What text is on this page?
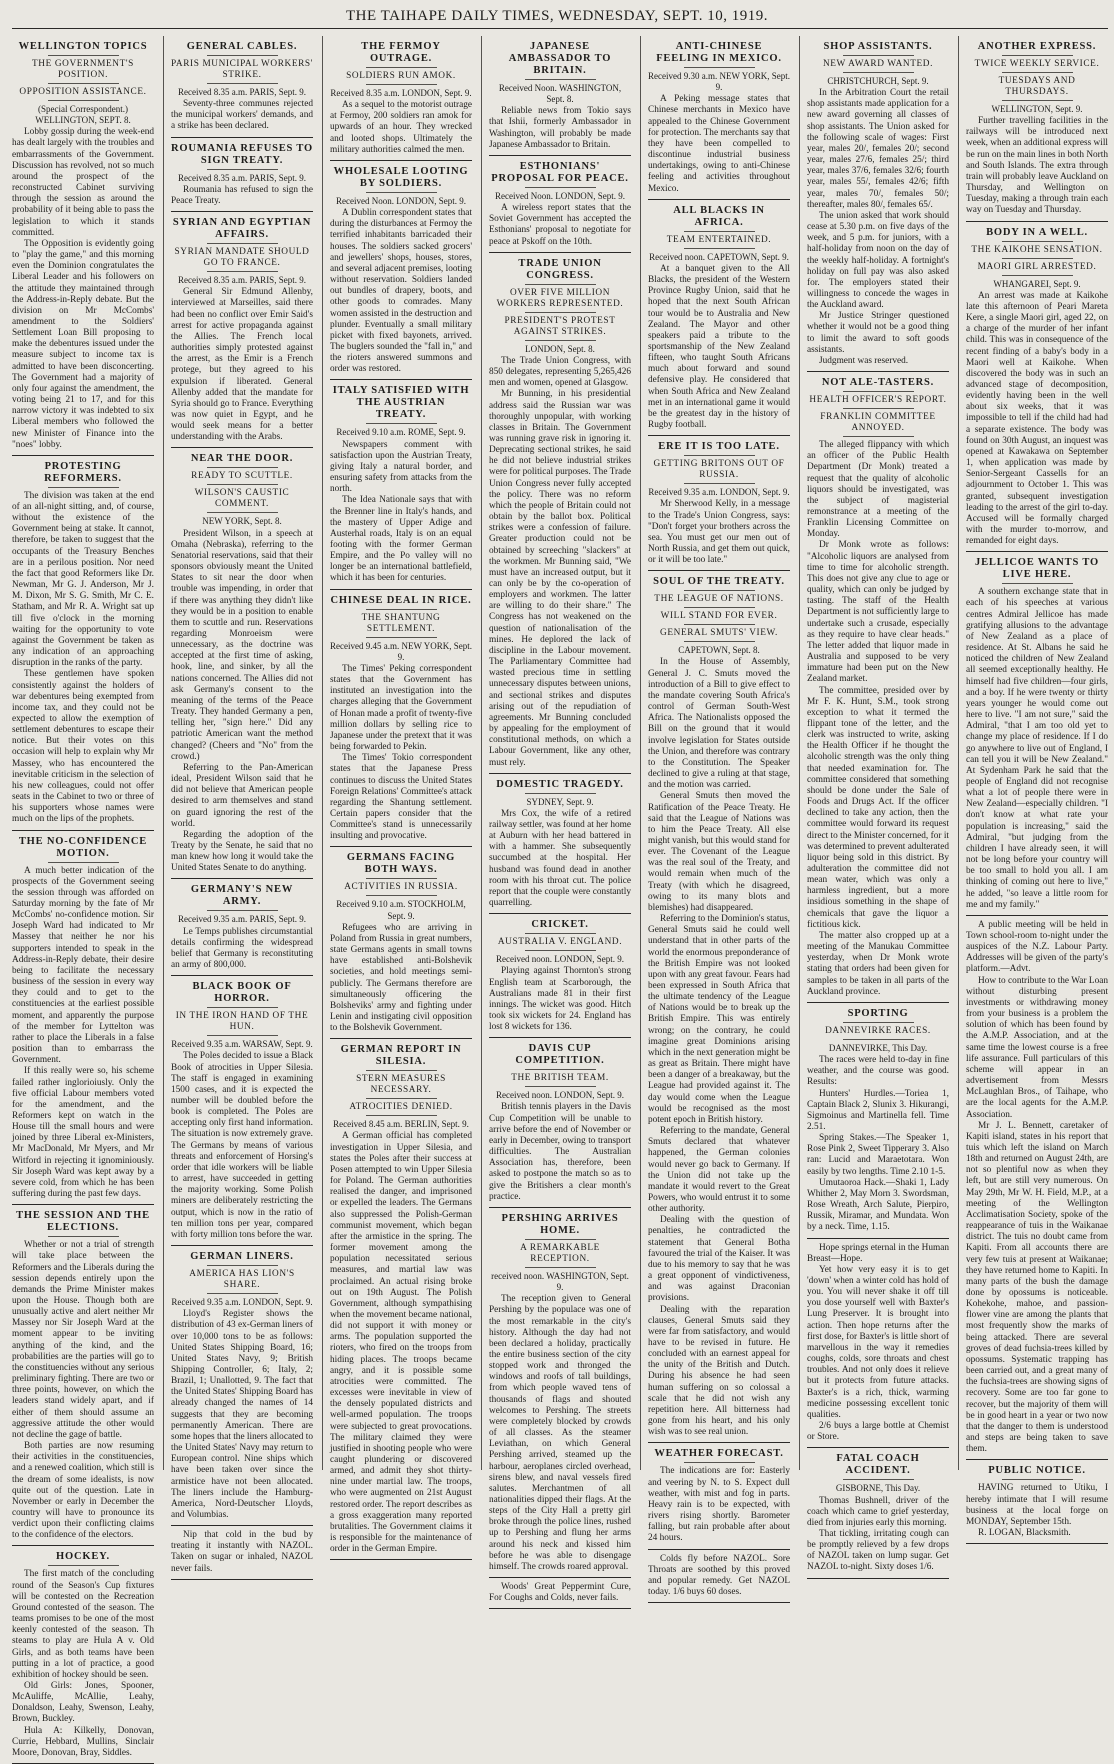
THE TAIHAPE DAILY TIMES, WEDNESDAY, SEPT. 10, 1919.
WELLINGTON TOPICS
THE GOVERNMENT'S POSITION.
OPPOSITION ASSISTANCE.
(Special Correspondent.) WELLINGTON, SEPT. 8.

Lobby gossip during the week-end has dealt largely with the troubles and embarrassments of the Government. Discussion has revolved, not so much around the prospect of the reconstructed Cabinet surviving through the session as around the probability of it being able to pass the legislation to which it stands committed.

The Opposition is evidently going to "play the game," and this morning even the Dominion congratulates the Liberal Leader and his followers on the attitude they maintained through the Address-in-Reply debate. But the division on Mr McCombs' amendment to the Soldiers' Settlement Loan Bill proposing to make the debentures issued under the measure subject to income tax is admitted to have been disconcerting. The Government had a majority of only four against the amendment, the voting being 21 to 17, and for this narrow victory it was indebted to six Liberal members who followed the new Minister of Finance into the "noes" lobby.

PROTESTING REFORMERS.

The division was taken at the end of an all-night sitting, and, of course, without the existence of the Government being at stake. It cannot, therefore, be taken to suggest that the occupants of the Treasury Benches are in a perilous position. Nor need the fact that good Reformers like Dr. Newman, Mr G. J. Anderson, Mr J. M. Dixon, Mr S. G. Smith, Mr C. E. Statham, and Mr R. A. Wright sat up till five o'clock in the morning waiting for the opportunity to vote against the Government be taken as any indication of an approaching disruption in the ranks of the party.

These gentlemen have spoken consistently against the holders of war debentures being exempted from income tax, and they could not be expected to allow the exemption of settlement debentures to escape their notice. But their votes on this occasion will help to explain why Mr Massey, who has encountered the inevitable criticism in the selection of his new colleagues, could not offer seats in the Cabinet to two or three of his supporters whose names were much on the lips of the prophets.

THE NO-CONFIDENCE MOTION.

A much better indication of the prospects of the Government seeing the session through was afforded on Saturday morning by the fate of Mr McCombs' no-confidence motion. Sir Joseph Ward had indicated to Mr Massey that neither he nor his supporters intended to speak in the Address-in-Reply debate, their desire being to facilitate the necessary business of the session in every way they could and to get to the constituencies at the earliest possible moment, and apparently the purpose of the member for Lyttelton was rather to place the Liberals in a false position than to embarrass the Government.

If this really were so, his scheme failed rather inglorioiusly. Only the five official Labour members voted for the amendment, and the Reformers kept on watch in the House till the small hours and were joined by three Liberal ex-Ministers, Mr MacDonald, Mr Myers, and Mr Witford in rejecting it ignominiously. Sir Joseph Ward was kept away by a severe cold, from which he has been suffering during the past few days.

THE SESSION AND THE ELECTIONS.

Whether or not a trial of strength will take place between the Reformers and the Liberals during the session depends entirely upon the demands the Prime Minister makes upon the House. Though both are unusually active and alert neither Mr Massey nor Sir Joseph Ward at the moment appear to be inviting anything of the kind, and the probabilities are the parties will go to the constituencies without any serious preliminary fighting. There are two or three points, however, on which the leaders stand widely apart, and if either of them should assume an aggressive attitude the other would not decline the gage of battle.

Both parties are now resuming their activities in the constituencies, and a renewed coalition, which still is the dream of some idealists, is now quite out of the question. Late in November or early in December the country will have to pronounce its verdict upon their conflicting claims to the confidence of the electors.

HOCKEY.

The first match of the concluding round of the Season's Cup fixtures will be contested on the Recreation Ground contested of the season. The teams promises to be one of the most keenly contested of the season. Th steams to play are Hula A v. Old Girls, and as both teams have been putting in a lot of practice, a good exhibition of hockey should be seen.

Old Girls: Jones, Spooner, McAuliffe, McAllie, Leahy, Donaldson, Leahy, Swenson, Leahy, Brown, Buckley.

Hula A: Kilkelly, Donovan, Currie, Hebbard, Mullins, Sinclair Moore, Donovan, Bray, Siddles.

GENERAL CABLES.
PARIS MUNICIPAL WORKERS' STRIKE.
Received 8.35 a.m. PARIS, Sept. 9.

Seventy-three communes rejected the municipal workers' demands, and a strike has been declared.

ROUMANIA REFUSES TO SIGN TREATY.
Received 8.35 a.m. PARIS, Sept. 9.

Roumania has refused to sign the Peace Treaty.

SYRIAN AND EGYPTIAN AFFAIRS.
SYRIAN MANDATE SHOULD GO TO FRANCE.
Received 8.35 a.m. PARIS, Sept. 9.

General Sir Edmund Allenby, interviewed at Marseilles, said there had been no conflict over Emir Said's arrest for active propaganda against the Allies. The French local authorities simply protested against the arrest, as the Emir is a French protege, but they agreed to his expulsion if liberated. General Allenby added that the mandate for Syria should go to France. Everything was now quiet in Egypt, and he would seek means for a better understanding with the Arabs.

NEAR THE DOOR.
READY TO SCUTTLE.
WILSON'S CAUSTIC COMMENT.
NEW YORK, Sept. 8.

President Wilson, in a speech at Omaha (Nebraska), referring to the Senatorial reservations, said that their sponsors obviously meant the United States to sit near the door when trouble was impending, in order that if there was anything they didn't like they would be in a position to enable them to scuttle and run. Reservations regarding Monroeism were unnecessary, as the doctrine was accepted at the first time of asking, hook, line, and sinker, by all the nations concerned. The Allies did not ask Germany's consent to the meaning of the terms of the Peace Treaty. They handed Germany a pen, telling her, "sign here." Did any patriotic American want the method changed? (Cheers and "No" from the crowd.)

Referring to the Pan-American ideal, President Wilson said that he did not believe that American people desired to arm themselves and stand on guard ignoring the rest of the world.

Regarding the adoption of the Treaty by the Senate, he said that no man knew how long it would take the United States Senate to do anything.

GERMANY'S NEW ARMY.
Received 9.35 a.m. PARIS, Sept. 9.

Le Temps publishes circumstantial details confirming the widespread belief that Germany is reconstituting an army of 800,000.

BLACK BOOK OF HORROR.
IN THE IRON HAND OF THE HUN.
Received 9.35 a.m. WARSAW, Sept. 9.

The Poles decided to issue a Black Book of atrocities in Upper Silesia. The staff is engaged in examining 1500 cases, and it is expected the number will be doubled before the book is completed. The Poles are accepting only first hand information. The situation is now extremely grave. The Germans by means of various threats and enforcement of Horsing's order that idle workers will be liable to arrest, have succeeded in getting the majority working. Some Polish miners are deliberately restricting the output, which is now in the ratio of ten million tons per year, compared with forty million tons before the war.

GERMAN LINERS.
AMERICA HAS LION'S SHARE.
Received 9.35 a.m. LONDON, Sept. 9.

Lloyd's Register shows the distribution of 43 ex-German liners of over 10,000 tons to be as follows: United States Shipping Board, 16; United States Navy, 9; British Shipping Controller, 6; Italy, 2; Brazil, 1; Unallotted, 9. The fact that the United States' Shipping Board has already changed the names of 14 suggests that they are becoming permanently American. There are some hopes that the liners allocated to the United States' Navy may return to European control. Nine ships which have been taken over since the armistice have not been allocated. The liners include the Hamburg-America, Nord-Deutscher Lloyds, and Volumbias.

Nip that cold in the bud by treating it instantly with NAZOL. Taken on sugar or inhaled, NAZOL never fails.

THE FERMOY OUTRAGE.
SOLDIERS RUN AMOK.
Received 8.35 a.m. LONDON, Sept. 9.

As a sequel to the motorist outrage at Fermoy, 200 soldiers ran amok for upwards of an hour. They wrecked and looted shops. Ultimately the military authorities calmed the men.

WHOLESALE LOOTING BY SOLDIERS.
Received Noon. LONDON, Sept. 9.

A Dublin correspondent states that during the disturbances at Fermoy the terrified inhabitants barricaded their houses. The soldiers sacked grocers' and jewellers' shops, houses, stores, and several adjacent premises, looting without reservation. Soldiers landed out bundles of drapery, boots, and other goods to comrades. Many women assisted in the destruction and plunder. Eventually a small military picket with fixed bayonets, arrived. The buglers sounded the "fall in," and the rioters answered summons and order was restored.

ITALY SATISFIED WITH THE AUSTRIAN TREATY.
Received 9.10 a.m. ROME, Sept. 9.

Newspapers comment with satisfaction upon the Austrian Treaty, giving Italy a natural border, and ensuring safety from attacks from the north.

The Idea Nationale says that with the Brenner line in Italy's hands, and the mastery of Upper Adige and Austerhal roads, Italy is on an equal footing with the former German Empire, and the Po valley will no longer be an international battlefield, which it has been for centuries.

CHINESE DEAL IN RICE.
THE SHANTUNG SETTLEMENT.
Received 9.45 a.m. NEW YORK, Sept. 9.

The Times' Peking correspondent states that the Government has instituted an investigation into the charges alleging that the Government of Honan made a profit of twenty-five million dollars by selling rice to Japanese under the pretext that it was being forwarded to Pekin.

The Times' Tokio correspondent states that the Japanese Press continues to discuss the United States Foreign Relations' Committee's attack regarding the Shantung settlement. Certain papers consider that the Committee's stand is unnecessarily insulting and provocative.

GERMANS FACING BOTH WAYS.
ACTIVITIES IN RUSSIA.
Received 9.10 a.m. STOCKHOLM, Sept. 9.

Refugees who are arriving in Poland from Russia in great numbers, state Germans agents in small towns have established anti-Bolshevik societies, and hold meetings semi-publicly. The Germans therefore are simultaneously officering the Bolsheviks' army and fighting under Lenin and instigating civil opposition to the Bolshevik Government.

GERMAN REPORT IN SILESIA.
STERN MEASURES NECESSARY.
ATROCITIES DENIED.
Received 8.45 a.m. BERLIN, Sept. 9.

A German official has completed investigation in Upper Silesia, and states the Poles after their success at Posen attempted to win Upper Silesia for Poland. The German authorities realised the danger, and imprisoned or expelled the leaders. The Germans also suppressed the Polish-German communist movement, which began after the armistice in the spring. The former movement among the population necessitated serious measures, and martial law was proclaimed. An actual rising broke out on 19th August. The Polish Government, although sympathising when the movement became national, did not support it with money or arms. The population supported the rioters, who fired on the troops from hiding places. The troops became angry, and it is possible some atrocities were committed. The excesses were inevitable in view of the densely populated districts and well-armed population. The troops were subjected to great provocations. The military claimed they were justified in shooting people who were caught plundering or discovered armed, and admit they shot thirty-nine under martial law. The troops, who were augmented on 21st August restored order. The report describes as a gross exaggeration many reported brutalities. The Government claims it is responsible for the maintenance of order in the German Empire.

JAPANESE AMBASSADOR TO BRITAIN.
Received Noon. WASHINGTON, Sept. 8.

Reliable news from Tokio says that Ishii, formerly Ambassador in Washington, will probably be made Japanese Ambassador to Britain.

ESTHONIANS' PROPOSAL FOR PEACE.
Received Noon. LONDON, Sept. 9.

A wireless report states that the Soviet Government has accepted the Esthonians' proposal to negotiate for peace at Pskoff on the 10th.

TRADE UNION CONGRESS.
OVER FIVE MILLION WORKERS REPRESENTED.
PRESIDENT'S PROTEST AGAINST STRIKES.
LONDON, Sept. 8.

The Trade Union Congress, with 850 delegates, representing 5,265,426 men and women, opened at Glasgow.

Mr Bunning, in his presidential address said the Russian war was thoroughly unpopular, with working classes in Britain. The Government was running grave risk in ignoring it. Deprecating sectional strikes, he said he did not believe industrial strikes were for political purposes. The Trade Union Congress never fully accepted the policy. There was no reform which the people of Britain could not obtain by the ballot box. Political strikes were a confession of failure. Greater production could not be obtained by screeching "slackers" at the workmen. Mr Bunning said, "We must have an increased output, but it can only be by the co-operation of employers and workmen. The latter are willing to do their share." The Congress has not weakened on the question of nationalisation of the mines. He deplored the lack of discipline in the Labour movement. The Parliamentary Committee had wasted precious time in settling unnecessary disputes between unions, and sectional strikes and disputes arising out of the repudiation of agreements. Mr Bunning concluded by appealing for the employment of constitutional methods, on which a Labour Government, like any other, must rely.

DOMESTIC TRAGEDY.
SYDNEY, Sept. 9.

Mrs Cox, the wife of a retired railway settler, was found at her home at Auburn with her head battered in with a hammer. She subsequently succumbed at the hospital. Her husband was found dead in another room with his throat cut. The police report that the couple were constantly quarrelling.

CRICKET.
AUSTRALIA V. ENGLAND.
Received noon. LONDON, Sept. 9.

Playing against Thornton's strong English team at Scarborough, the Australians made 81 in their first innings. The wicket was good. Hitch took six wickets for 24. England has lost 8 wickets for 136.

DAVIS CUP COMPETITION.
THE BRITISH TEAM.
Received noon. LONDON, Sept. 9.

British tennis players in the Davis Cup Competition will be unable to arrive before the end of November or early in December, owing to transport difficulties. The Australian Association has, therefore, been asked to postpone the match so as to give the Britishers a clear month's practice.

PERSHING ARRIVES HOME.
A REMARKABLE RECEPTION.
received noon. WASHINGTON, Sept. 9.

The reception given to General Pershing by the populace was one of the most remarkable in the city's history. Although the day had not been declared a holiday, practically the entire business section of the city stopped work and thronged the windows and roofs of tall buildings, from which people waved tens of thousands of flags and shouted welcomes to Pershing. The streets were completely blocked by crowds of all classes. As the steamer Leviathan, on which General Pershing arrived, steamed up the harbour, aeroplanes circled overhead, sirens blew, and naval vessels fired salutes. Merchantmen of all nationalities dipped their flags. At the steps of the City Hall a pretty girl broke through the police lines, rushed up to Pershing and flung her arms around his neck and kissed him before he was able to disengage himself. The crowds roared approval.

Woods' Great Peppermint Cure, For Coughs and Colds, never fails.

ANTI-CHINESE FEELING IN MEXICO.
Received 9.30 a.m. NEW YORK, Sept. 9.

A Peking message states that Chinese merchants in Mexico have appealed to the Chinese Government for protection. The merchants say that they have been compelled to discontinue industrial business undertakings, owing to anti-Chinese feeling and activities throughout Mexico.

ALL BLACKS IN AFRICA.
TEAM ENTERTAINED.
Received noon. CAPETOWN, Sept. 9.

At a banquet given to the All Blacks, the president of the Western Province Rugby Union, said that he hoped that the next South African tour would be to Australia and New Zealand. The Mayor and other speakers paid a tribute to the sportsmanship of the New Zealand fifteen, who taught South Africans much about forward and sound defensive play. He considered that when South Africa and New Zealand met in an international game it would be the greatest day in the history of Rugby football.

ERE IT IS TOO LATE.
GETTING BRITONS OUT OF RUSSIA.
Received 9.35 a.m. LONDON, Sept. 9.

Mr Sherwood Kelly, in a message to the Trade's Union Congress, says: "Don't forget your brothers across the sea. You must get our men out of North Russia, and get them out quick, or it will be too late."

SOUL OF THE TREATY.
THE LEAGUE OF NATIONS.
WILL STAND FOR EVER.
GENERAL SMUTS' VIEW.
CAPETOWN, Sept. 8.

In the House of Assembly, General J. C. Smuts moved the introduction of a Bill to give effect to the mandate covering South Africa's control of German South-West Africa. The Nationalists opposed the Bill on the ground that it would involve legislation for States outside the Union, and therefore was contrary to the Constitution. The Speaker declined to give a ruling at that stage, and the motion was carried.

General Smuts then moved the Ratification of the Peace Treaty. He said that the League of Nations was to him the Peace Treaty. All else might vanish, but this would stand for ever. The Covenant of the League was the real soul of the Treaty, and would remain when much of the Treaty (with which he disagreed, owing to its many blots and blemishes) had disappeared.

Referring to the Dominion's status, General Smuts said he could well understand that in other parts of the world the enormous preponderance of the British Empire was not looked upon with any great favour. Fears had been expressed in South Africa that the ultimate tendency of the League of Nations would be to break up the British Empire. This was entirely wrong; on the contrary, he could imagine great Dominions arising which in the next generation might be as great as Britain. There might have been a danger of a breakaway, but the League had provided against it. The day would come when the League would be recognised as the most potent epoch in British history.

Referring to the mandate, General Smuts declared that whatever happened, the German colonies would never go back to Germany. If the Union did not take up the mandate it would revert to the Great Powers, who would entrust it to some other authority.

Dealing with the question of penalties, he contradicted the statement that General Botha favoured the trial of the Kaiser. It was due to his memory to say that he was a great opponent of vindictiveness, and was against Draconian provisions.

Dealing with the reparation clauses, General Smuts said they were far from satisfactory, and would have to be revised in future. He concluded with an earnest appeal for the unity of the British and Dutch. During his absence he had seen human suffering on so colossal a scale that he did not wish any repetition here. All bitterness had gone from his heart, and his only wish was to see real union.

WEATHER FORECAST.

The indications are for: Easterly and veering by N. to S. Expect dull weather, with mist and fog in parts. Heavy rain is to be expected, with rivers rising shortly. Barometer falling, but rain probable after about 24 hours.

Colds fly before NAZOL. Sore Throats are soothed by this proved and popular remedy. Get NAZOL today. 1/6 buys 60 doses.

SHOP ASSISTANTS.
NEW AWARD WANTED.
CHRISTCHURCH, Sept. 9.

In the Arbitration Court the retail shop assistants made application for a new award governing all classes of shop assistants. The Union asked for the following scale of wages: First year, males 20/, females 20/; second year, males 27/6, females 25/; third year, males 37/6, females 32/6; fourth year, males 55/, females 42/6; fifth year, males 70/, females 50/; thereafter, males 80/, females 65/.

The union asked that work should cease at 5.30 p.m. on five days of the week, and 5 p.m. for juniors, with a half-holiday from noon on the day of the weekly half-holiday. A fortnight's holiday on full pay was also asked for. The employers stated their willingness to concede the wages in the Auckland award.

Mr Justice Stringer questioned whether it would not be a good thing to limit the award to soft goods assistants.

Judgment was reserved.

NOT ALE-TASTERS.
HEALTH OFFICER'S REPORT.
FRANKLIN COMMITTEE ANNOYED.

The alleged flippancy with which an officer of the Public Health Department (Dr Monk) treated a request that the quality of alcoholic liquors should be investigated, was the subject of magisterial remonstrance at a meeting of the Franklin Licensing Committee on Monday.

Dr Monk wrote as follows: "Alcoholic liquors are analysed from time to time for alcoholic strength. This does not give any clue to age or quality, which can only be judged by tasting. The staff of the Health Department is not sufficiently large to undertake such a crusade, especially as they require to have clear heads." The letter added that liquor made in Australia and supposed to be very immature had been put on the New Zealand market.

The committee, presided over by Mr F. K. Hunt, S.M., took strong exception to what it termed the flippant tone of the letter, and the clerk was instructed to write, asking the Health Officer if he thought the alcoholic strength was the only thing that needed examination for. The committee considered that something should be done under the Sale of Foods and Drugs Act. If the officer declined to take any action, then the committee would forward its request direct to the Minister concerned, for it was determined to prevent adulterated liquor being sold in this district. By adulteration the committee did not mean water, which was only a harmless ingredient, but a more insidious something in the shape of chemicals that gave the liquor a fictitious kick.

The matter also cropped up at a meeting of the Manukau Committee yesterday, when Dr Monk wrote stating that orders had been given for samples to be taken in all parts of the Auckland province.

SPORTING
DANNEVIRKE RACES.
DANNEVIRKE, This Day.

The races were held to-day in fine weather, and the course was good. Results:

Hunters' Hurdles.—Toriea 1, Captain Black 2, Slunix 3. Hikurangi, Sigmoinus and Martinella fell. Time 2.51.

Spring Stakes.—The Speaker 1, Rose Pink 2, Sweet Tipperary 3. Also ran: Lucid and Maraetotara. Won easily by two lengths. Time 2.10 1-5.

Umutaoroa Hack.—Shaki 1, Lady Whither 2, May Morn 3. Swordsman, Rose Wreath, Arch Salute, Pierpiro, Russik, Miramar, and Mundata. Won by a neck. Time, 1.15.

Hope springs eternal in the Human Breast—Hope.

Yet how very easy it is to get 'down' when a winter cold has hold of you. You will never shake it off till you dose yourself well with Baxter's Lung Preserver. It is brought into action. Then hope returns after the first dose, for Baxter's is little short of marvellous in the way it remedies coughs, colds, sore throats and chest troubles. And not only does it relieve but it protects from future attacks. Baxter's is a rich, thick, warming medicine possessing excellent tonic qualities.

2/6 buys a large bottle at Chemist or Store.

FATAL COACH ACCIDENT.
GISBORNE, This Day.

Thomas Bushnell, driver of the coach which came to grief yesterday, died from injuries early this morning.

That tickling, irritating cough can be promptly relieved by a few drops of NAZOL taken on lump sugar. Get NAZOL to-night. Sixty doses 1/6.

ANOTHER EXPRESS.
TWICE WEEKLY SERVICE.
TUESDAYS AND THURSDAYS.
WELLINGTON, Sept. 9.

Further travelling facilities in the railways will be introduced next week, when an additional express will be run on the main lines in both North and South Islands. The extra through train will probably leave Auckland on Thursday, and Wellington on Tuesday, making a through train each way on Tuesday and Thursday.

BODY IN A WELL.
THE KAIKOHE SENSATION.
MAORI GIRL ARRESTED.
WHANGAREI, Sept. 9.

An arrest was made at Kaikohe late this afternoon of Peari Mareta Kere, a single Maori girl, aged 22, on a charge of the murder of her infant child. This was in consequence of the recent finding of a baby's body in a Maori well at Kaikohe. When discovered the body was in such an advanced stage of decomposition, evidently having been in the well about six weeks, that it was impossible to tell if the child had had a separate existence. The body was found on 30th August, an inquest was opened at Kawakawa on September 1, when application was made by Senior-Sergeant Cassells for an adjournment to October 1. This was granted, subsequent investigation leading to the arrest of the girl to-day. Accused will be formally charged with the murder to-morrow, and remanded for eight days.

JELLICOE WANTS TO LIVE HERE.

A southern exchange state that in each of his speeches at various centres Admiral Jellicoe has made gratifying allusions to the advantage of New Zealand as a place of residence. At St. Albans he said he noticed the children of New Zealand all seemed exceptionally healthy. He himself had five children—four girls, and a boy. If he were twenty or thirty years younger he would come out here to live. "I am not sure," said the Admiral, "that I am too old yet to change my place of residence. If I do go anywhere to live out of England, I can tell you it will be New Zealand." At Sydenham Park he said that the people of England did not recognise what a lot of people there were in New Zealand—especially children. "I don't know at what rate your population is increasing," said the Admiral, "but judging from the children I have already seen, it will not be long before your country will be too small to hold you all. I am thinking of coming out here to live," he added, "so leave a little room for me and my family."

A public meeting will be held in Town school-room to-night under the auspices of the N.Z. Labour Party. Addresses will be given of the party's platform.—Advt.

How to contribute to the War Loan without disturbing present investments or withdrawing money from your business is a problem the solution of which has been found by the A.M.P. Association, and at the same time the lowest course is a free life assurance. Full particulars of this scheme will appear in an advertisement from Messrs McLaughlan Bros., of Taihape, who are the local agents for the A.M.P. Association.

Mr J. L. Bennett, caretaker of Kapiti island, states in his report that tuis which left the island on March 18th and returned on August 24th, are not so plentiful now as when they left, but are still very numerous. On May 29th, Mr W. H. Field, M.P., at a meeting of the Wellington Acclimatisation Society, spoke of the reappearance of tuis in the Waikanae district. The tuis no doubt came from Kapiti. From all accounts there are very few tuis at present at Waikanae; they have returned home to Kapiti. In many parts of the bush the damage done by opossums is noticeable. Kohekohe, mahoe, and passion-flower vine are among the plants that most frequently show the marks of being attacked. There are several groves of dead fuchsia-trees killed by opossums. Systematic trapping has been carried out, and a great many of the fuchsia-trees are showing signs of recovery. Some are too far gone to recover, but the majority of them will be in good heart in a year or two now that the danger to them is understood and steps are being taken to save them.

PUBLIC NOTICE.

HAVING returned to Utiku, I hereby intimate that I will resume business at the local forge on MONDAY, September 15th.

R. LOGAN, Blacksmith.
